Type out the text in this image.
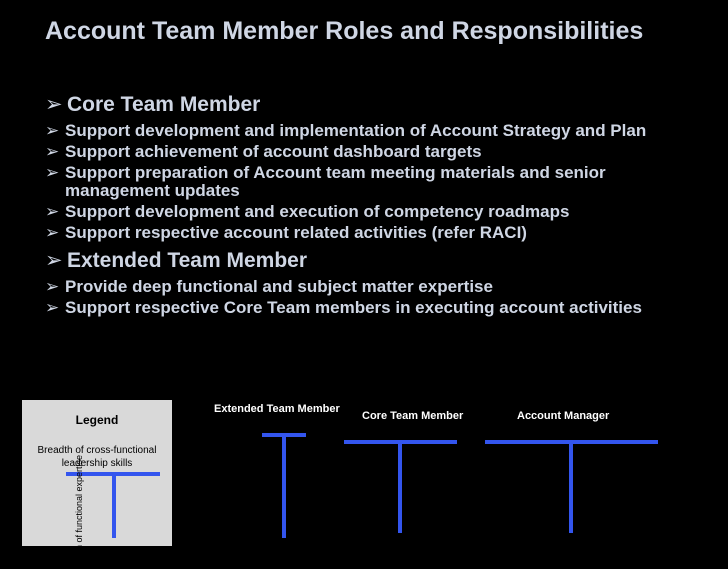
Account Team Member Roles and Responsibilities
➢ Core Team Member
➢ Support development and implementation of Account Strategy and Plan
➢ Support achievement of account dashboard targets
➢ Support preparation of Account team meeting materials and senior management updates
➢ Support development and execution of competency roadmaps
➢ Support respective account related activities (refer RACI)
➢ Extended Team Member
➢ Provide deep functional and subject matter expertise
➢ Support respective Core Team members in executing account activities
Legend
Breadth of cross-functional leadership skills
Depth of functional expertise
Extended Team Member
Core Team Member	Account Manager
